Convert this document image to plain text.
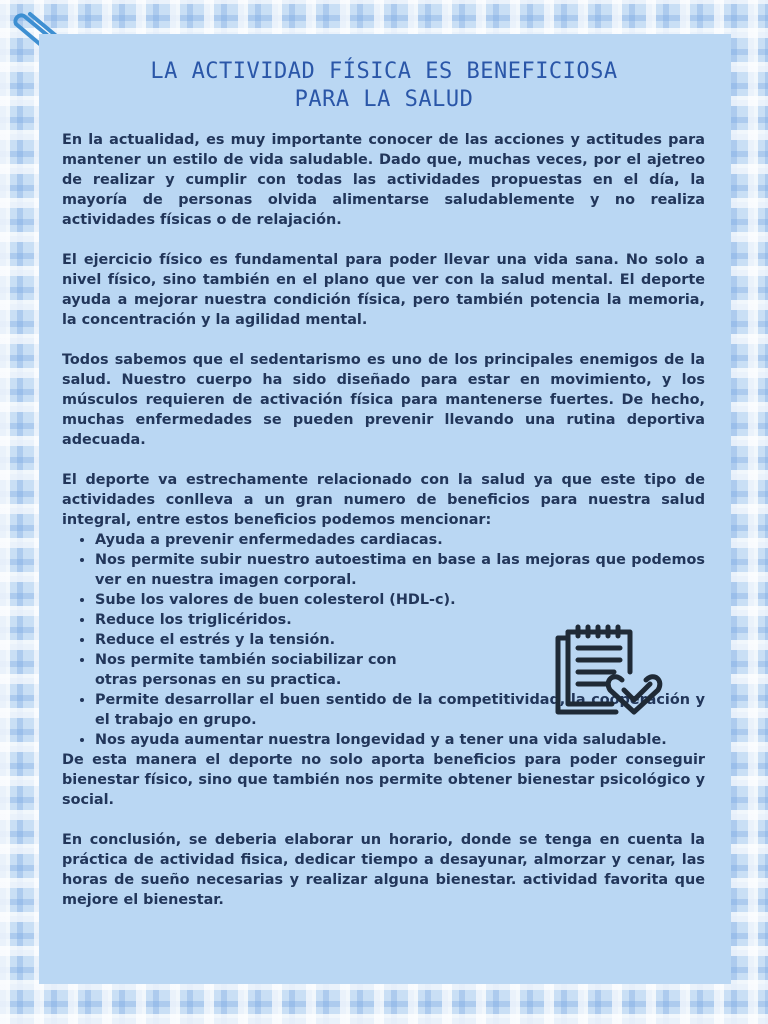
LA ACTIVIDAD FÍSICA ES BENEFICIOSA
PARA LA SALUD

En la actualidad, es muy importante conocer de las acciones y actitudes para mantener un estilo de vida saludable. Dado que, muchas veces, por el ajetreo de realizar y cumplir con todas las actividades propuestas en el día, la mayoría de personas olvida alimentarse saludablemente y no realiza actividades físicas o de relajación.

El ejercicio físico es fundamental para poder llevar una vida sana. No solo a nivel físico, sino también en el plano que ver con la salud mental. El deporte ayuda a mejorar nuestra condición física, pero también potencia la memoria, la concentración y la agilidad mental.

Todos sabemos que el sedentarismo es uno de los principales enemigos de la salud. Nuestro cuerpo ha sido diseñado para estar en movimiento, y los músculos requieren de activación física para mantenerse fuertes. De hecho, muchas enfermedades se pueden prevenir llevando una rutina deportiva adecuada.

El deporte va estrechamente relacionado con la salud ya que este tipo de actividades conlleva a un gran numero de beneficios para nuestra salud integral, entre estos beneficios podemos mencionar:

• Ayuda a prevenir enfermedades cardiacas.
• Nos permite subir nuestro autoestima en base a las mejoras que podemos ver en nuestra imagen corporal.
• Sube los valores de buen colesterol (HDL-c).
• Reduce los triglicéridos.
• Reduce el estrés y la tensión.
• Nos permite también sociabilizar con
otras personas en su practica.
• Permite desarrollar el buen sentido de la competitividad, la cooperación y el trabajo en grupo.
• Nos ayuda aumentar nuestra longevidad y a tener una vida saludable.

De esta manera el deporte no solo aporta beneficios para poder conseguir bienestar físico, sino que también nos permite obtener bienestar psicológico y social.

En conclusión, se deberia elaborar un horario, donde se tenga en cuenta la práctica de actividad fisica, dedicar tiempo a desayunar, almorzar y cenar, las horas de sueño necesarias y realizar alguna bienestar. actividad favorita que mejore el bienestar.
